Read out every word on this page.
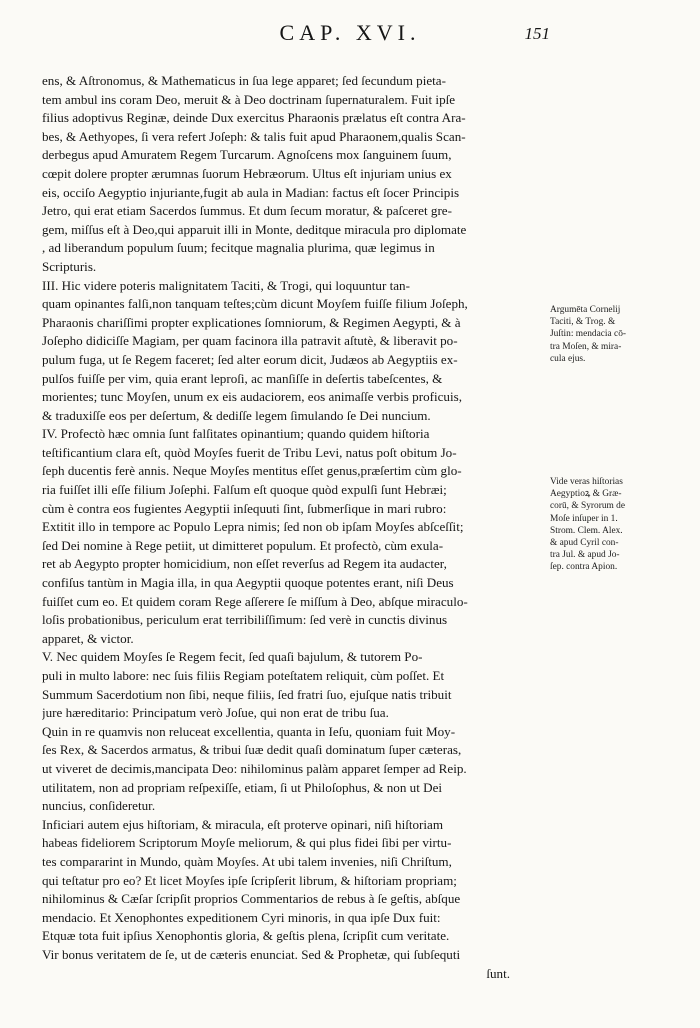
CAP. XVI.	151
ens, & Aſtronomus, & Mathematicus in ſua lege apparet; ſed ſecundum pieta-
tem ambul ins coram Deo, meruit & à Deo doctrinam ſupernaturalem. Fuit ipſe
filius adoptivus Reginæ, deinde Dux exercitus Pharaonis prælatus eſt contra Ara-
bes, & Aethyopes, ſi vera refert Joſeph: & talis fuit apud Pharaonem,qualis Scan-
derbegus apud Amuratem Regem Turcarum. Agnoſcens mox ſanguinem ſuum,
cœpit dolere propter ærumnas ſuorum Hebræorum. Ultus eſt injuriam unius ex
eis, occiſo Aegyptio injuriante,fugit ab aula in Madian: factus eſt ſocer Principis
Jetro, qui erat etiam Sacerdos ſummus. Et dum ſecum moratur, & paſceret gre-
gem, miſſus eſt à Deo,qui apparuit illi in Monte, deditque miracula pro diplomate
, ad liberandum populum ſuum; fecitque magnalia plurima, quæ legimus in
Scripturis.
III. Hic videre poteris malignitatem Taciti, & Trogi, qui loquuntur tan-
quam opinantes falſi,non tanquam teſtes;cùm dicunt Moyſem fuiſſe filium Joſeph,
Pharaonis chariſſimi propter explicationes ſomniorum, & Regimen Aegypti, & à
Joſepho didiciſſe Magiam, per quam facinora illa patravit aſtutè, & liberavit po-
pulum fuga, ut ſe Regem faceret; ſed alter eorum dicit, Judæos ab Aegyptiis ex-
pulſos fuiſſe per vim, quia erant leproſi, ac manſiſſe in deſertis tabeſcentes, &
morientes; tunc Moyſen, unum ex eis audaciorem, eos animaſſe verbis proficuis,
& traduxiſſe eos per deſertum, & dediſſe legem ſimulando ſe Dei nuncium.
IV. Profectò hæc omnia ſunt falſitates opinantium; quando quidem hiſtoria
teſtificantium clara eſt, quòd Moyſes fuerit de Tribu Levi, natus poſt obitum Jo-
ſeph ducentis ferè annis. Neque Moyſes mentitus eſſet genus,præſertim cùm glo-
ria fuiſſet illi eſſe filium Joſephi. Falſum eſt quoque quòd expulſi ſunt Hebræi;
cùm è contra eos fugientes Aegyptii inſequuti ſint, ſubmerſique in mari rubro:
Extitit illo in tempore ac Populo Lepra nimis; ſed non ob ipſam Moyſes abſceſſit;
ſed Dei nomine à Rege petiit, ut dimitteret populum. Et profectò, cùm exula-
ret ab Aegypto propter homicidium, non eſſet reverſus ad Regem ita audacter,
confiſus tantùm in Magia illa, in qua Aegyptii quoque potentes erant, niſi Deus
fuiſſet cum eo. Et quidem coram Rege aſſerere ſe miſſum à Deo, abſque miraculo-
loſis probationibus, periculum erat terribiliſſimum: ſed verè in cunctis divinus
apparet, & victor.
V. Nec quidem Moyſes ſe Regem fecit, ſed quaſi bajulum, & tutorem Po-
puli in multo labore: nec ſuis filiis Regiam poteſtatem reliquit, cùm poſſet. Et
Summum Sacerdotium non ſibi, neque filiis, ſed fratri ſuo, ejuſque natis tribuit
jure hæreditario: Principatum verò Joſue, qui non erat de tribu ſua.
Quin in re quamvis non reluceat excellentia, quanta in Ieſu, quoniam fuit Moy-
ſes Rex, & Sacerdos armatus, & tribui ſuæ dedit quaſi dominatum ſuper cæteras,
ut viveret de decimis,mancipata Deo: nihilominus palàm apparet ſemper ad Reip.
utilitatem, non ad propriam reſpexiſſe, etiam, ſi ut Philoſophus, & non ut Dei
nuncius, conſideretur.
Inficiari autem ejus hiſtoriam, & miracula, eſt proterve opinari, niſi hiſtoriam
habeas fideliorem Scriptorum Moyſe meliorum, & qui plus fidei ſibi per virtu-
tes compararint in Mundo, quàm Moyſes. At ubi talem invenies, niſi Chriſtum,
qui teſtatur pro eo? Et licet Moyſes ipſe ſcripſerit librum, & hiſtoriam propriam;
nihilominus & Cæſar ſcripſit proprios Commentarios de rebus à ſe geſtis, abſque
mendacio. Et Xenophontes expeditionem Cyri minoris, in qua ipſe Dux fuit:
Etquæ tota fuit ipſius Xenophontis gloria, & geſtis plena, ſcripſit cum veritate.
Vir bonus veritatem de ſe, ut de cæteris enunciat. Sed & Prophetæ, qui ſubſequti
ſunt.
Argumēta Cornelij
Taciti, & Trog. &
Juſtin: mendacia cō-
tra Moſen, & mira-
cula ejus.
Vide veras hiſtorias
Aegyptioꝝ & Græ-
corū, & Syrorum de
Moſe inſuper in 1.
Strom. Clem. Alex.
& apud Cyril con-
tra Jul. & apud Jo-
ſep. contra Apion.
